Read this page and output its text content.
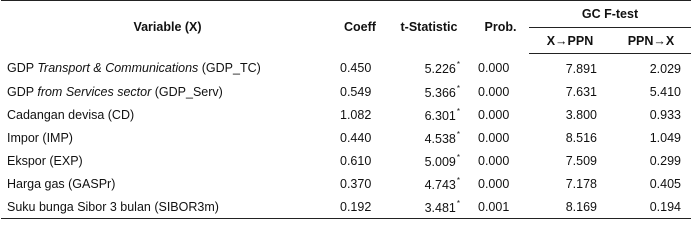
Variable (X)	Coeff	t-Statistic	Prob.	GC F-test	
				X→PPN	PPN→X
GDP Transport & Communications (GDP_TC)	0.450	5.226*	0.000	7.891	2.029
GDP from Services sector (GDP_Serv)	0.549	5.366*	0.000	7.631	5.410
Cadangan devisa (CD)	1.082	6.301*	0.000	3.800	0.933
Impor (IMP)	0.440	4.538*	0.000	8.516	1.049
Ekspor (EXP)	0.610	5.009*	0.000	7.509	0.299
Harga gas (GASPr)	0.370	4.743*	0.000	7.178	0.405
Suku bunga Sibor 3 bulan (SIBOR3m)	0.192	3.481*	0.001	8.169	0.194
